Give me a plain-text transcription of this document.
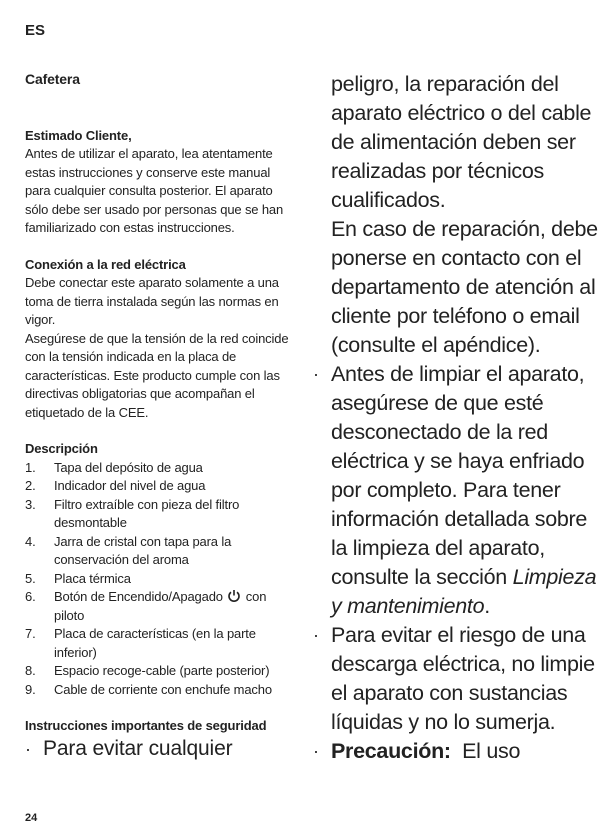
ES

Cafetera

Estimado Cliente,

Antes de utilizar el aparato, lea atentamente estas instrucciones y conserve este manual para cualquier consulta posterior. El aparato sólo debe ser usado por personas que se han familiarizado con estas instrucciones.

Conexión a la red eléctrica

Debe conectar este aparato solamente a una toma de tierra instalada según las normas en vigor.

Asegúrese de que la tensión de la red coincide con la tensión indicada en la placa de características. Este producto cumple con las directivas obligatorias que acompañan el etiquetado de la CEE.

Descripción

1. Tapa del depósito de agua
2. Indicador del nivel de agua
3. Filtro extraíble con pieza del filtro desmontable
4. Jarra de cristal con tapa para la conservación del aroma
5. Placa térmica
6. Botón de Encendido/Apagado con piloto
7. Placa de características (en la parte inferior)
8. Espacio recoge-cable (parte posterior)
9. Cable de corriente con enchufe macho

Instrucciones importantes de seguridad

· Para evitar cualquier

peligro, la reparación del aparato eléctrico o del cable de alimentación deben ser realizadas por técnicos cualificados.

En caso de reparación, debe ponerse en contacto con el departamento de atención al cliente por teléfono o email (consulte el apéndice).

· Antes de limpiar el aparato, asegúrese de que esté desconectado de la red eléctrica y se haya enfriado por completo. Para tener información detallada sobre la limpieza del aparato, consulte la sección Limpieza y mantenimiento.

· Para evitar el riesgo de una descarga eléctrica, no limpie el aparato con sustancias líquidas y no lo sumerja.

· Precaución: El uso

24
